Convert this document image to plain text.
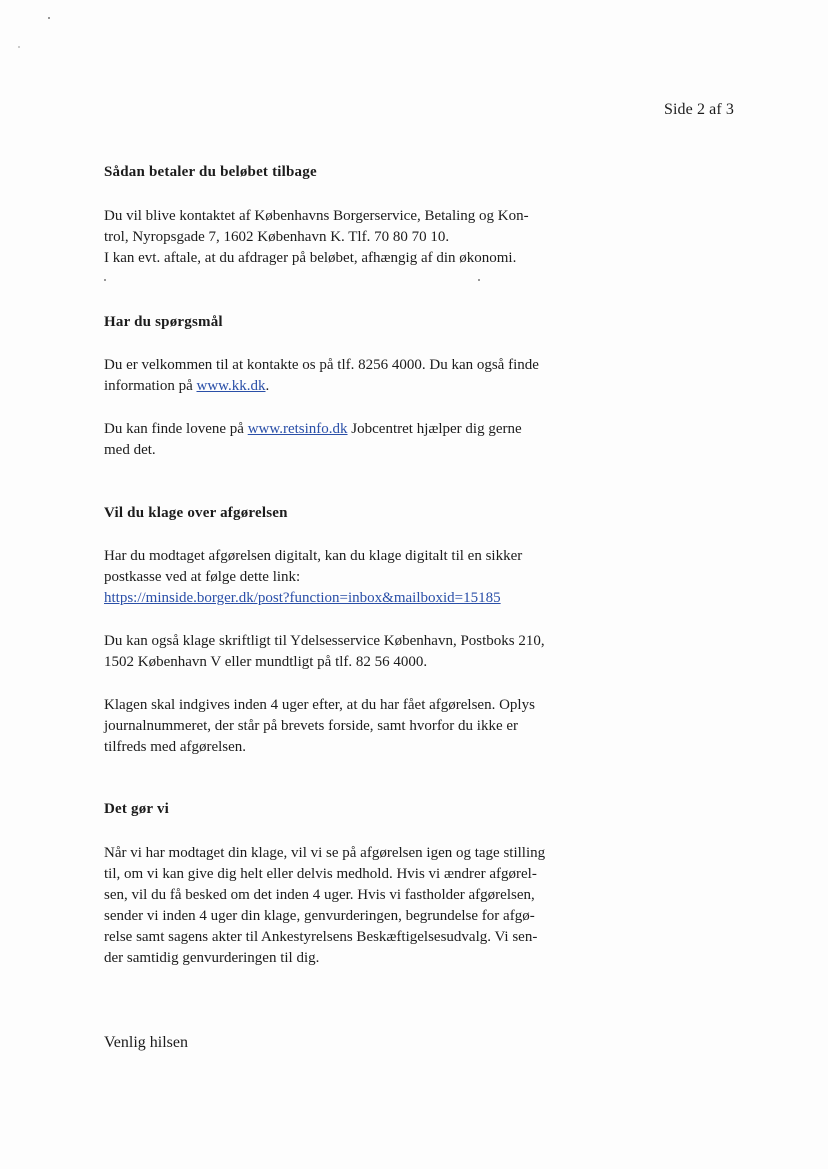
Side 2 af 3
Sådan betaler du beløbet tilbage

Du vil blive kontaktet af Københavns Borgerservice, Betaling og Kon-

trol, Nyropsgade 7, 1602 København K. Tlf. 70 80 70 10.

I kan evt. aftale, at du afdrager på beløbet, afhængig af din økonomi.

Har du spørgsmål

Du er velkommen til at kontakte os på tlf. 8256 4000. Du kan også finde

information på www.kk.dk.

Du kan finde lovene på www.retsinfo.dk Jobcentret hjælper dig gerne

med det.

Vil du klage over afgørelsen

Har du modtaget afgørelsen digitalt, kan du klage digitalt til en sikker

postkasse ved at følge dette link:

https://minside.borger.dk/post?function=inbox&mailboxid=15185

Du kan også klage skriftligt til Ydelsesservice København, Postboks 210,

1502 København V eller mundtligt på tlf. 82 56 4000.

Klagen skal indgives inden 4 uger efter, at du har fået afgørelsen. Oplys

journalnummeret, der står på brevets forside, samt hvorfor du ikke er

tilfreds med afgørelsen.

Det gør vi

Når vi har modtaget din klage, vil vi se på afgørelsen igen og tage stilling

til, om vi kan give dig helt eller delvis medhold. Hvis vi ændrer afgørel-

sen, vil du få besked om det inden 4 uger. Hvis vi fastholder afgørelsen,

sender vi inden 4 uger din klage, genvurderingen, begrundelse for afgø-

relse samt sagens akter til Ankestyrelsens Beskæftigelsesudvalg. Vi sen-

der samtidig genvurderingen til dig.

Venlig hilsen
